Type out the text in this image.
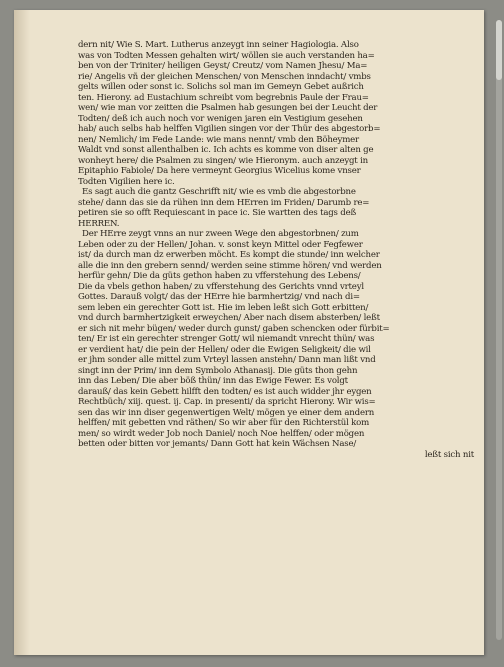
dern nit/ Wie S. Mart. Lutherus anzeygt inn seiner Hagiologia. Also
was von Todten Messen gehalten wirt/ wöllen sie auch verstanden ha=
ben von der Triniter/ heiligen Geyst/ Creutz/ vom Namen Jhesu/ Ma=
rie/ Angelis vñ der gleichen Menschen/ von Menschen inndacht/ vmbs
gelts willen oder sonst ic. Solichs sol man im Gemeyn Gebet außrich
ten. Hierony. ad Eustachium schreibt vom begrebnis Paule der Frau=
wen/ wie man vor zeitten die Psalmen hab gesungen bei der Leucht der
Todten/ deß ich auch noch vor wenigen jaren ein Vestigium gesehen
hab/ auch selbs hab helffen Vigilien singen vor der Thür des abgestorb=
nen/ Nemlich/ im Fede Lande: wie mans nennt/ vmb den Böheymer
Waldt vnd sonst allenthalben ic. Ich achts es komme von diser alten ge
wonheyt here/ die Psalmen zu singen/ wie Hieronym. auch anzeygt in
Epitaphio Fabiole/ Da here vermeynt Georgius Wicelius kome vnser
Todten Vigilien here ic.
Es sagt auch die gantz Geschrifft nit/ wie es vmb die abgestorbne
stehe/ dann das sie da rühen inn dem HErren im Friden/ Darumb re=
petiren sie so offt Requiescant in pace ic. Sie wartten des tags deß
HERREN.
Der HErre zeygt vnns an nur zween Wege den abgestorbnen/ zum
Leben oder zu der Hellen/ Johan. v. sonst keyn Mittel oder Fegfewer
ist/ da durch man dz erwerben möcht. Es kompt die stunde/ inn welcher
alle die inn den grebern sennd/ werden seine stimme hören/ vnd werden
herfür gehn/ Die da güts gethon haben zu vfferstehung des Lebens/
Die da vbels gethon haben/ zu vfferstehung des Gerichts vnnd vrteyl
Gottes. Darauß volgt/ das der HErre hie barmhertzig/ vnd nach di=
sem leben ein gerechter Gott ist. Hie im leben leßt sich Gott erbitten/
vnd durch barmhertzigkeit erweychen/ Aber nach disem absterben/ leßt
er sich nit mehr bügen/ weder durch gunst/ gaben schencken oder fürbit=
ten/ Er ist ein gerechter strenger Gott/ wil niemandt vnrecht thün/ was
er verdient hat/ die pein der Hellen/ oder die Ewigen Seligkeit/ die wil
er jhm sonder alle mittel zum Vrteyl lassen anstehn/ Dann man lißt vnd
singt inn der Prim/ inn dem Symbolo Athanasij. Die güts thon gehn
inn das Leben/ Die aber böß thün/ inn das Ewige Fewer. Es volgt
darauß/ das kein Gebett hilfft den todten/ es ist auch widder jhr eygen
Rechtbüch/ xiij. quest. ij. Cap. in presenti/ da spricht Hierony. Wir wis=
sen das wir inn diser gegenwertigen Welt/ mögen ye einer dem andern
helffen/ mit gebetten vnd räthen/ So wir aber für den Richterstül kom
men/ so wirdt weder Job noch Daniel/ noch Noe helffen/ oder mögen
betten oder bitten vor jemants/ Dann Gott hat kein Wächsen Nase/
leßt sich nit
